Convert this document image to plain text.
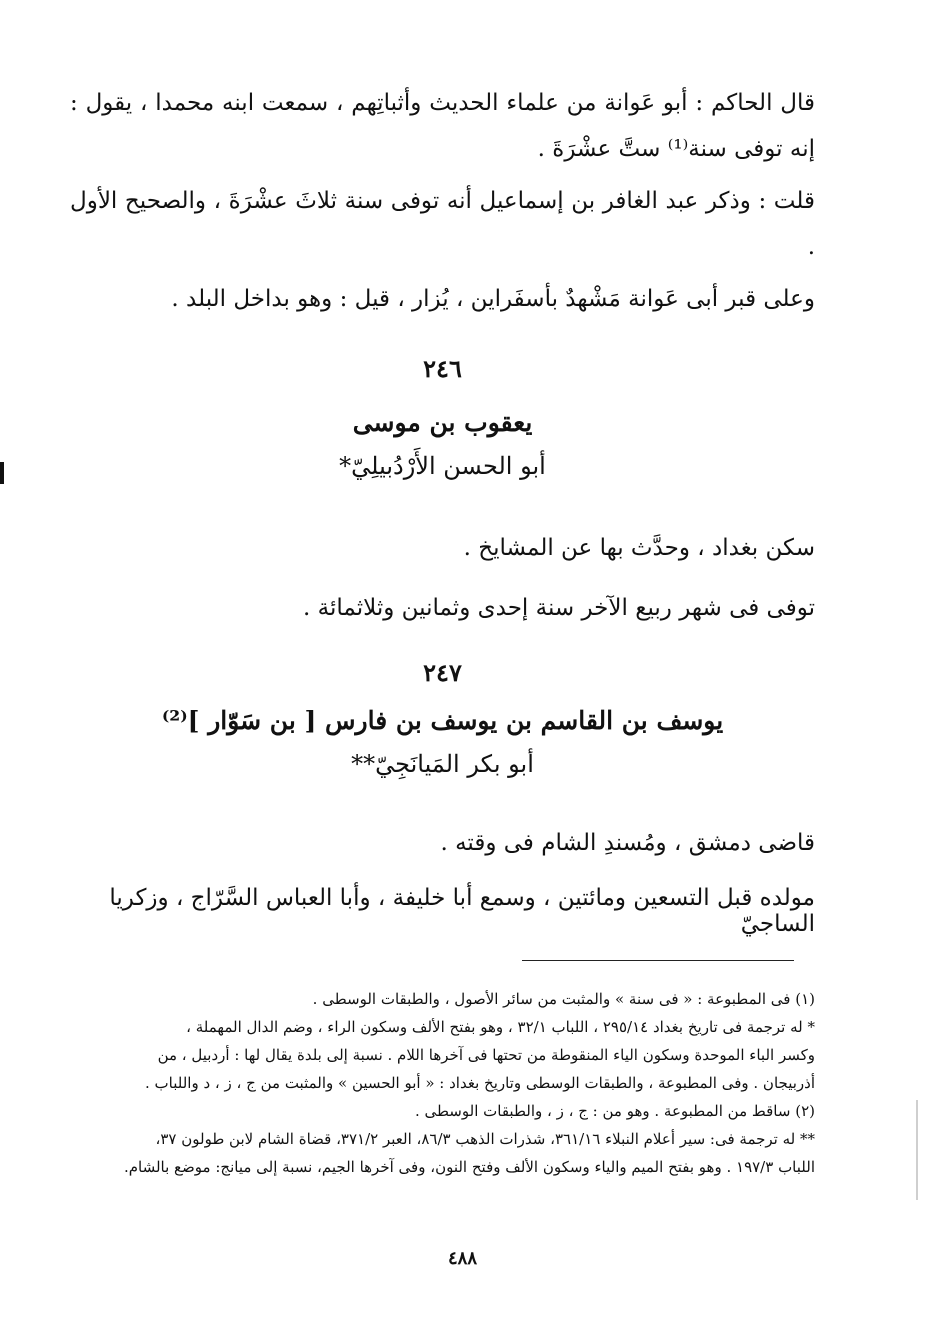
قال الحاكم : أبو عَوانة من علماء الحديث وأثباتِهم ، سمعت ابنه محمدا ، يقول : إنه توفى سنة⁽¹⁾ ستَّ عشْرَةَ .

قلت : وذكر عبد الغافر بن إسماعيل أنه توفى سنة ثلاثَ عشْرَةَ ، والصحيح الأول .

وعلى قبر أبى عَوانة مَشْهدٌ بأسفَراين ، يُزار ، قيل : وهو بداخل البلد .

٢٤٦
يعقوب بن موسى
أبو الحسن الأَرْدُبيلِيّ*
سكن بغداد ، وحدَّث بها عن المشايخ .
توفى فى شهر ربيع الآخر سنة إحدى وثمانين وثلاثمائة .
٢٤٧
يوسف بن القاسم بن يوسف بن فارس [ بن سَوّار ]⁽²⁾
أبو بكر المَيانَجِيّ**
قاضى دمشق ، ومُسندِ الشام فى وقته .
مولده قبل التسعين ومائتين ، وسمع أبا خليفة ، وأبا العباس السَّرّاج ، وزكريا الساجيّ
(١) فى المطبوعة : « فى سنة » والمثبت من سائر الأصول ، والطبقات الوسطى .
* له ترجمة فى تاريخ بغداد ٢٩٥/١٤ ، اللباب ٣٢/١ ، وهو بفتح الألف وسكون الراء ، وضم الدال المهملة ،
وكسر الباء الموحدة وسكون الياء المنقوطة من تحتها فى آخرها اللام . نسبة إلى بلدة يقال لها : أردبيل ، من
أذربيجان . وفى المطبوعة ، والطبقات الوسطى وتاريخ بغداد : « أبو الحسين » والمثبت من ج ، ز ، د واللباب .
(٢) ساقط من المطبوعة . وهو من : ج ، ز ، والطبقات الوسطى .
** له ترجمة فى: سير أعلام النبلاء ٣٦١/١٦، شذرات الذهب ٨٦/٣، العبر ٣٧١/٢، قضاة الشام لابن طولون ٣٧،
اللباب ١٩٧/٣ . وهو بفتح الميم والياء وسكون الألف وفتح النون، وفى آخرها الجيم، نسبة إلى ميانج: موضع بالشام.
٤٨٨
